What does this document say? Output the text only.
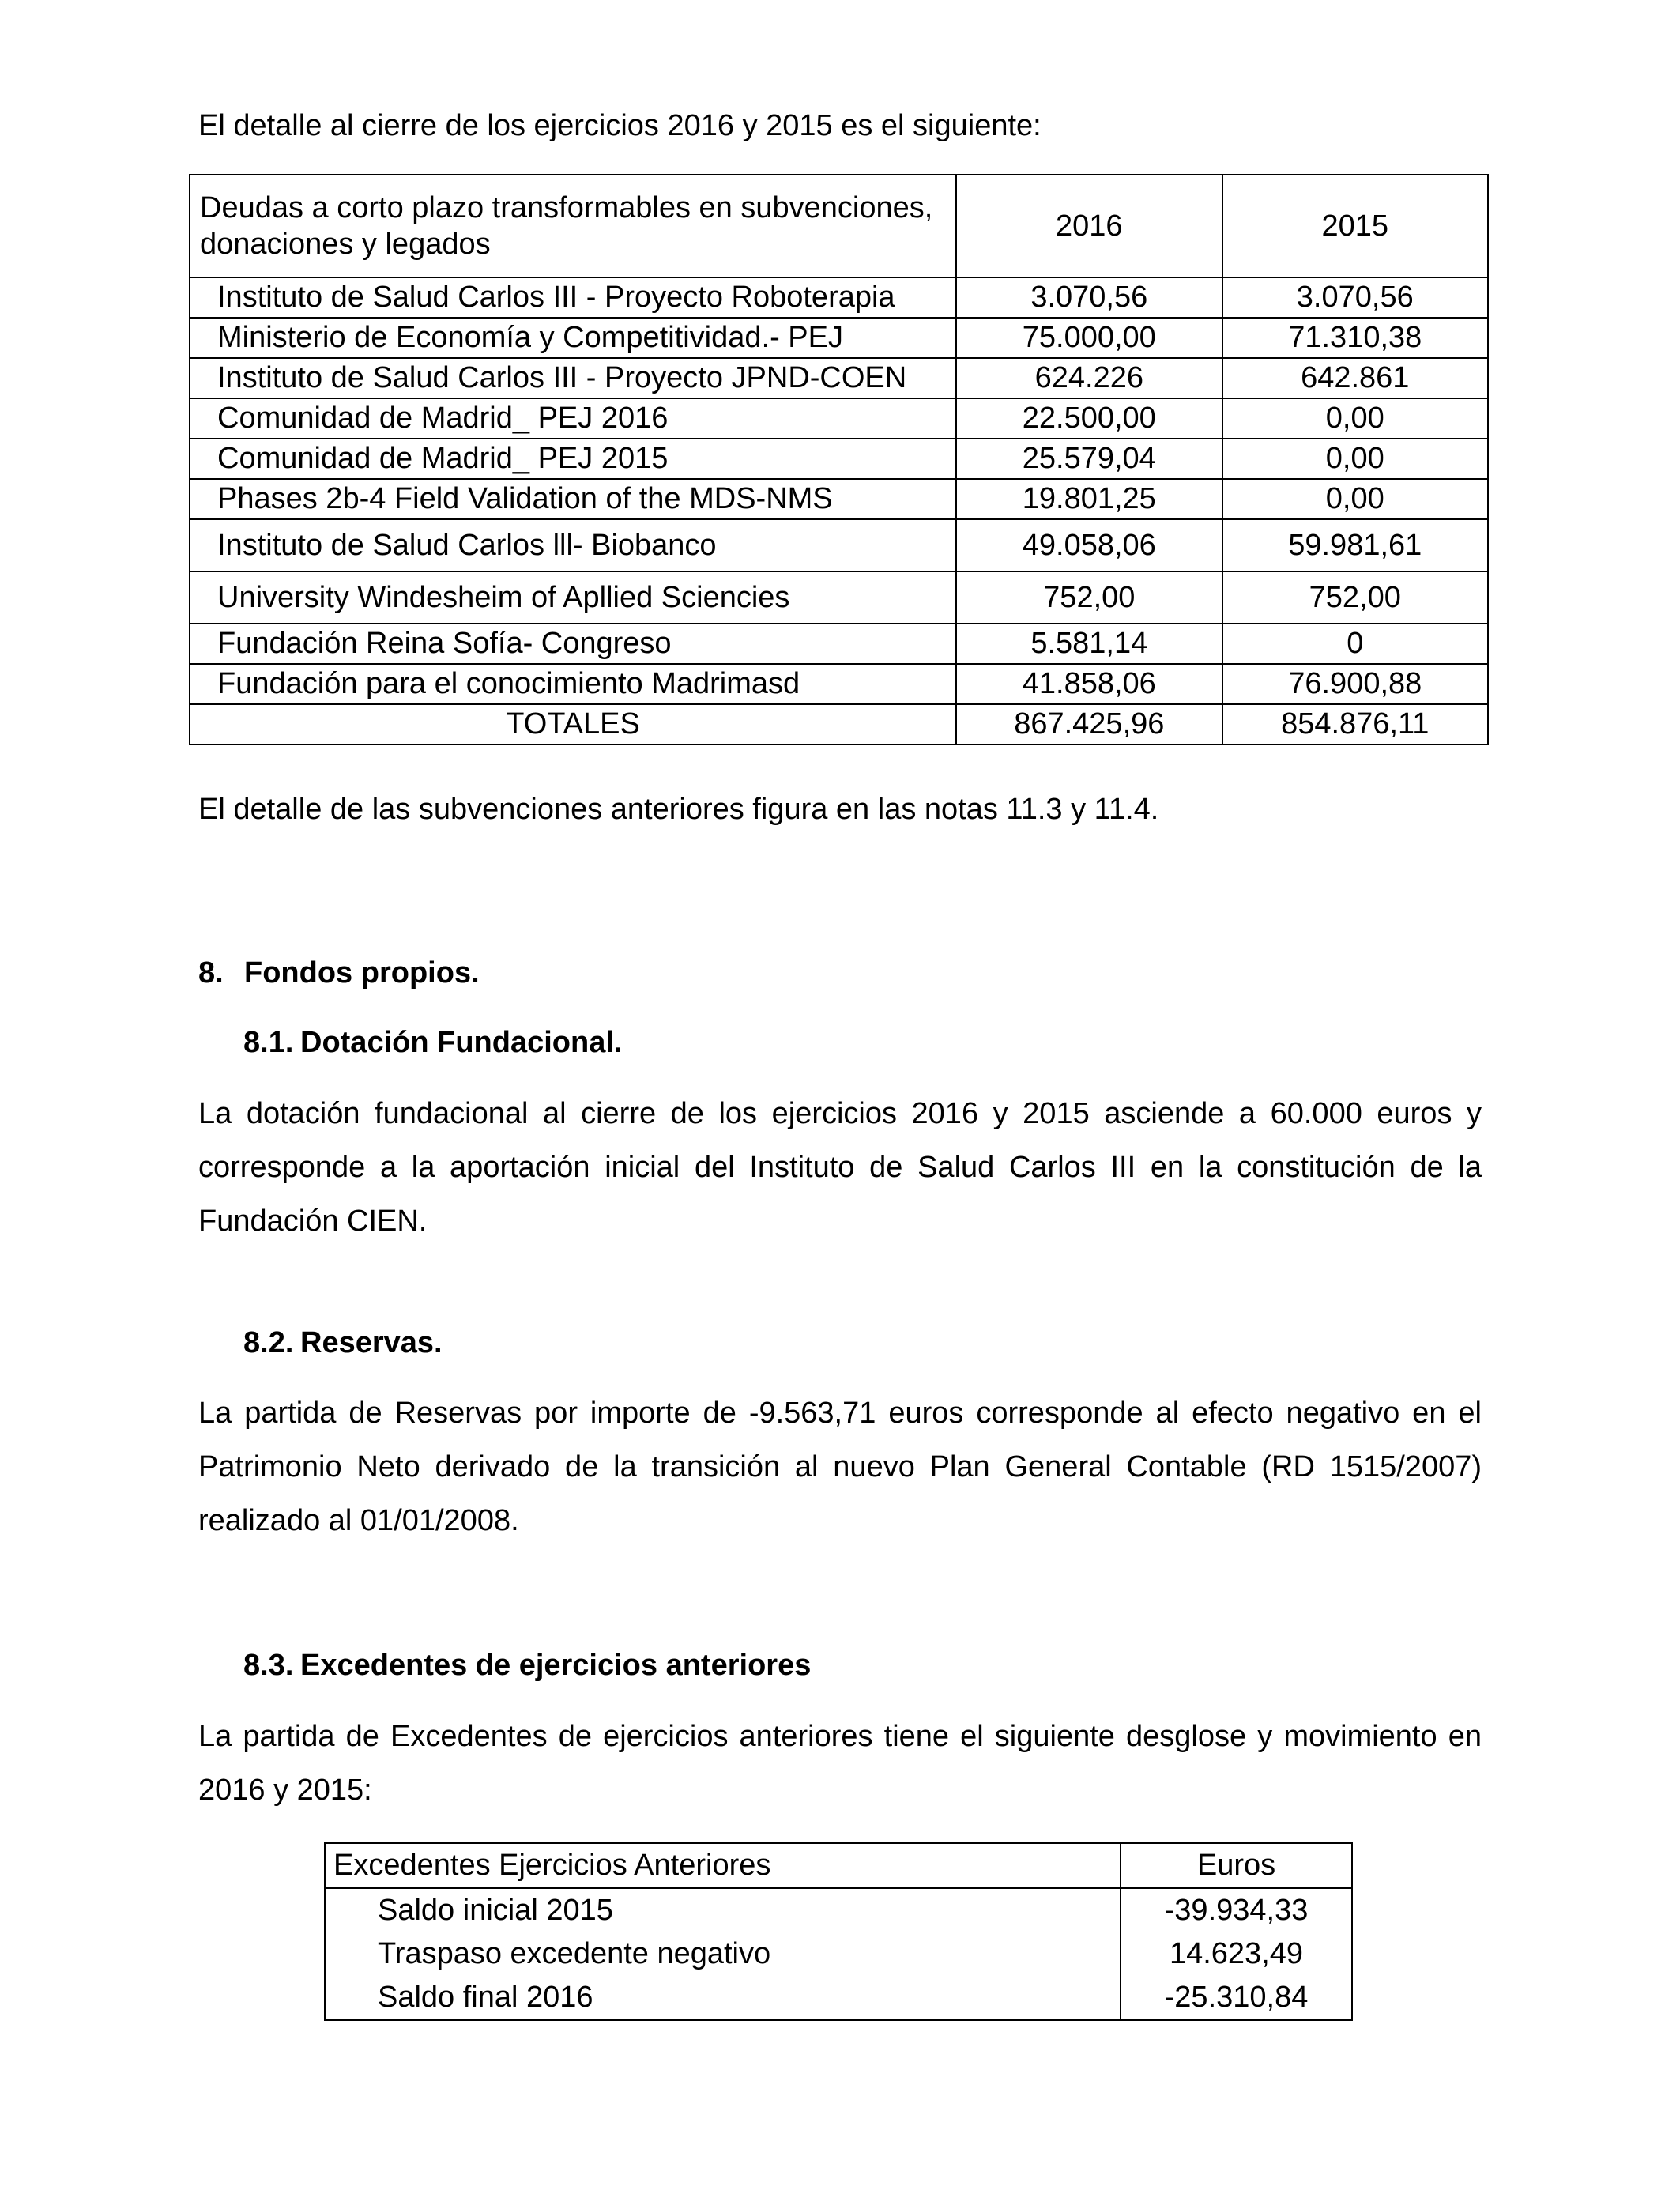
El detalle al cierre de los ejercicios 2016 y 2015 es el siguiente:

Deudas a corto plazo transformables en subvenciones, donaciones y legados	2016	2015
Instituto de Salud Carlos III - Proyecto Roboterapia	3.070,56	3.070,56
Ministerio de Economía y Competitividad.- PEJ	75.000,00	71.310,38
Instituto de Salud Carlos III - Proyecto JPND-COEN	624.226	642.861
Comunidad de Madrid_ PEJ 2016	22.500,00	0,00
Comunidad de Madrid_ PEJ 2015	25.579,04	0,00
Phases 2b-4 Field Validation of the MDS-NMS	19.801,25	0,00
Instituto de Salud Carlos lll- Biobanco	49.058,06	59.981,61
University Windesheim of Apllied Sciencies	752,00	752,00
Fundación Reina Sofía- Congreso	5.581,14	0
Fundación para el conocimiento Madrimasd	41.858,06	76.900,88
TOTALES	867.425,96	854.876,11

El detalle de las subvenciones anteriores figura en las notas 11.3 y 11.4.

8. Fondos propios.
8.1. Dotación Fundacional.

La dotación fundacional al cierre de los ejercicios 2016 y 2015 asciende a 60.000 euros y corresponde a la aportación inicial del Instituto de Salud Carlos III en la constitución de la Fundación CIEN.

8.2. Reservas.

La partida de Reservas por importe de -9.563,71 euros corresponde al efecto negativo en el Patrimonio Neto derivado de la transición al nuevo Plan General Contable (RD 1515/2007) realizado al 01/01/2008.

8.3. Excedentes de ejercicios anteriores

La partida de Excedentes de ejercicios anteriores tiene el siguiente desglose y movimiento en 2016 y 2015:

Excedentes Ejercicios Anteriores	Euros
Saldo inicial 2015	-39.934,33
Traspaso excedente negativo	14.623,49
Saldo final 2016	-25.310,84
